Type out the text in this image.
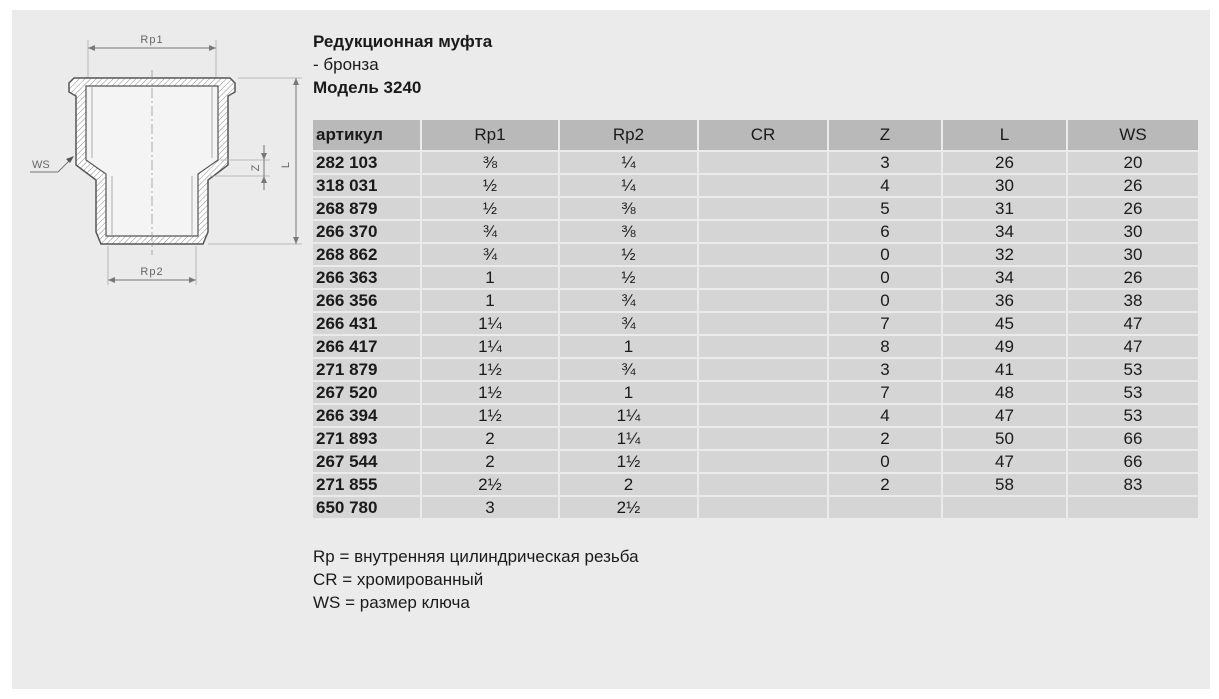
Rp1
L
Z
WS
Rp2
Редукционная муфта
- бронза
Модель 3240
артикул	Rp1	Rp2	CR	Z	L	WS
282 103	⅜	¼		3	26	20
318 031	½	¼		4	30	26
268 879	½	⅜		5	31	26
266 370	¾	⅜		6	34	30
268 862	¾	½		0	32	30
266 363	1	½		0	34	26
266 356	1	¾		0	36	38
266 431	1¼	¾		7	45	47
266 417	1¼	1		8	49	47
271 879	1½	¾		3	41	53
267 520	1½	1		7	48	53
266 394	1½	1¼		4	47	53
271 893	2	1¼		2	50	66
267 544	2	1½		0	47	66
271 855	2½	2		2	58	83
650 780	3	2½				
Rp = внутренняя цилиндрическая резьба
CR = хромированный
WS = размер ключа
